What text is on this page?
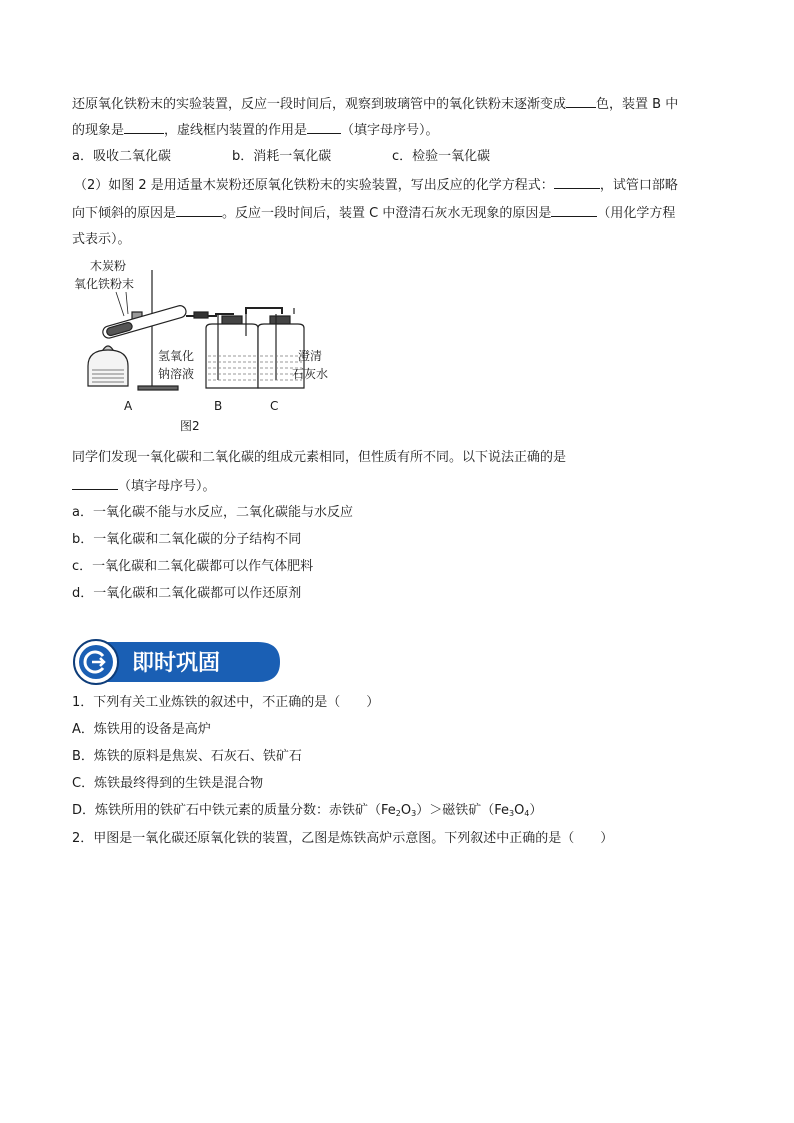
还原氧化铁粉末的实验装置，反应一段时间后，观察到玻璃管中的氧化铁粉末逐渐变成 色，装置 B 中
的现象是	，虚线框内装置的作用是	（填字母序号）。
a．吸收二氧化碳	b．消耗一氧化碳	c．检验一氧化碳
（2）如图 2 是用适量木炭粉还原氧化铁粉末的实验装置，写出反应的化学方程式：	，试管口部略
向下倾斜的原因是	。反应一段时间后，装置 C 中澄清石灰水无现象的原因是	（用化学方程
式表示）。
木炭粉
氧化铁粉末
氢氧化
钠溶液
澄清
石灰水
A	B	C
图2
同学们发现一氧化碳和二氧化碳的组成元素相同，但性质有所不同。以下说法正确的是
（填字母序号）。
a．一氧化碳不能与水反应，二氧化碳能与水反应
b．一氧化碳和二氧化碳的分子结构不同
c．一氧化碳和二氧化碳都可以作气体肥料
d．一氧化碳和二氧化碳都可以作还原剂
即时巩固
1．下列有关工业炼铁的叙述中，不正确的是（　　）
A．炼铁用的设备是高炉
B．炼铁的原料是焦炭、石灰石、铁矿石
C．炼铁最终得到的生铁是混合物
D．炼铁所用的铁矿石中铁元素的质量分数：赤铁矿$(Fe_2O_3)>$磁铁矿$(Fe_3O_4)$
2．甲图是一氧化碳还原氧化铁的装置，乙图是炼铁高炉示意图。下列叙述中正确的是（　　）
